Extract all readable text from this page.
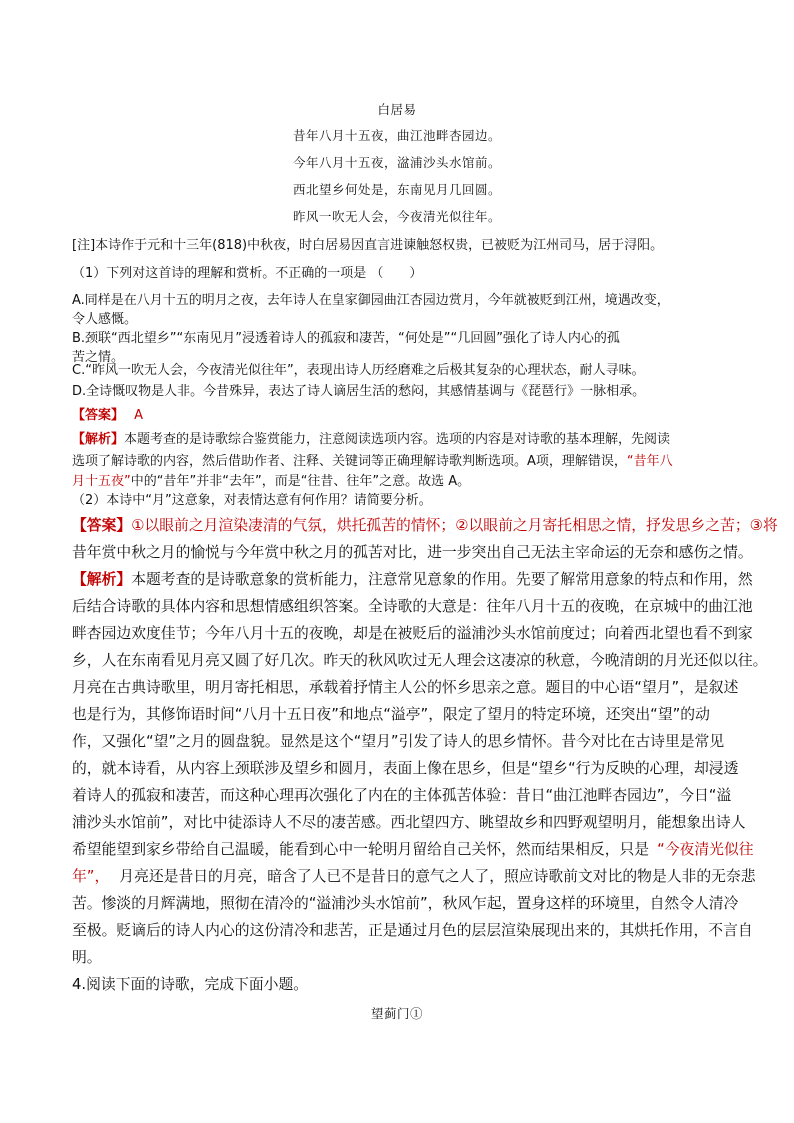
白居易
昔年八月十五夜，曲江池畔杏园边。
今年八月十五夜，湓浦沙头水馆前。
西北望乡何处是，东南见月几回圆。
昨风一吹无人会，今夜清光似往年。
[注]本诗作于元和十三年(818)中秋夜，时白居易因直言进谏触怒权贵，已被贬为江州司马，居于浔阳。
（1）下列对这首诗的理解和赏析。不正确的一项是 （　　）
A.同样是在八月十五的明月之夜，去年诗人在皇家御园曲江杏园边赏月，今年就被贬到江州，境遇改变，
令人感慨。
B.颈联“西北望乡”“东南见月”浸透着诗人的孤寂和凄苦，“何处是”“几回圆”强化了诗人内心的孤
苦之情。
C.“昨风一吹无人会，今夜清光似往年”，表现出诗人历经磨难之后极其复杂的心理状态，耐人寻味。
D.全诗慨叹物是人非。今昔殊异，表达了诗人谪居生活的愁闷，其感情基调与《琵琶行》一脉相承。
【答案】 A
【解析】本题考查的是诗歌综合鉴赏能力，注意阅读选项内容。选项的内容是对诗歌的基本理解，先阅读
选项了解诗歌的内容，然后借助作者、注释、关键词等正确理解诗歌判断选项。A项，理解错误，“昔年八
月十五夜”中的“昔年”并非“去年”，而是“往昔、往年”之意。故选 A。
（2）本诗中“月”这意象，对表情达意有何作用？请简要分析。
【答案】①以眼前之月渲染凄清的气氛，烘托孤苦的情怀；②以眼前之月寄托相思之情，抒发思乡之苦；③将
昔年赏中秋之月的愉悦与今年赏中秋之月的孤苦对比，进一步突出自己无法主宰命运的无奈和感伤之情。
【解析】本题考查的是诗歌意象的赏析能力，注意常见意象的作用。先要了解常用意象的特点和作用，然
后结合诗歌的具体内容和思想情感组织答案。全诗歌的大意是：往年八月十五的夜晚，在京城中的曲江池
畔杏园边欢度佳节；今年八月十五的夜晚，却是在被贬后的溢浦沙头水馆前度过；向着西北望也看不到家
乡，人在东南看见月亮又圆了好几次。昨天的秋风吹过无人理会这凄凉的秋意，今晚清朗的月光还似以往。
月亮在古典诗歌里，明月寄托相思，承载着抒情主人公的怀乡思亲之意。题目的中心语“望月”，是叙述
也是行为，其修饰语时间“八月十五日夜”和地点“溢亭”，限定了望月的特定环境，还突出“望”的动
作，又强化“望”之月的圆盘貌。显然是这个“望月”引发了诗人的思乡情怀。昔今对比在古诗里是常见
的，就本诗看，从内容上颈联涉及望乡和圆月，表面上像在思乡，但是“望乡“行为反映的心理，却浸透
着诗人的孤寂和凄苦，而这种心理再次强化了内在的主体孤苦体验：昔日“曲江池畔杏园边”，今日“溢
浦沙头水馆前”，对比中徒添诗人不尽的凄苦感。西北望四方、眺望故乡和四野观望明月，能想象出诗人
希望能望到家乡带给自己温暖，能看到心中一轮明月留给自己关怀，然而结果相反，只是 “今夜清光似往
年”， 月亮还是昔日的月亮，暗含了人已不是昔日的意气之人了，照应诗歌前文对比的物是人非的无奈悲
苦。惨淡的月辉满地，照彻在清冷的“溢浦沙头水馆前”，秋风乍起，置身这样的环境里，自然令人清冷
至极。贬谪后的诗人内心的这份清冷和悲苦，正是通过月色的层层渲染展现出来的，其烘托作用，不言自
明。
4.阅读下面的诗歌，完成下面小题。
望蓟门①
